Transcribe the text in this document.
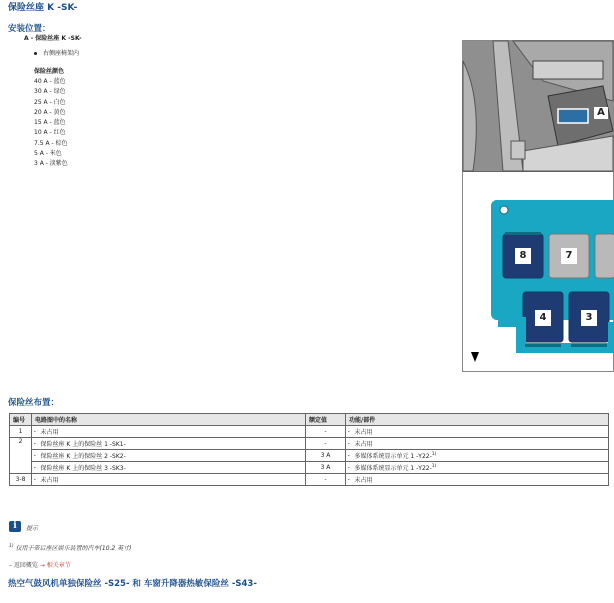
保险丝座 K -SK-
安装位置：
A - 保险丝座 K -SK-
右侧座椅架内
保险丝颜色
40 A - 蓝色
30 A - 绿色
25 A - 白色
20 A - 黄色
15 A - 蓝色
10 A - 红色
7.5 A - 棕色
5 A - 米色
3 A - 淡紫色
A
8	7
4	3
保险丝布置：
编号	电路图中的名称		额定值	功能/部件	
1	-	未占用	-	-	未占用
2	-	保险丝座 K 上的保险丝 1 -SK1-	-	-	未占用
	-	保险丝座 K 上的保险丝 2 -SK2-	3 A	-	多媒体系统显示单元 1 -Y22-$^{1)}$
	-	保险丝座 K 上的保险丝 3 -SK3-	3 A	-	多媒体系统显示单元 1 -Y22-$^{1)}$
3-8	-	未占用	-	-	未占用
i	提示
$^{1)}$ 仅用于带后座区娱乐装置的汽车(10.2 英寸)
– 返回概览 → 相关章节
热空气鼓风机单独保险丝 -S25- 和 车窗升降器热敏保险丝 -S43-
